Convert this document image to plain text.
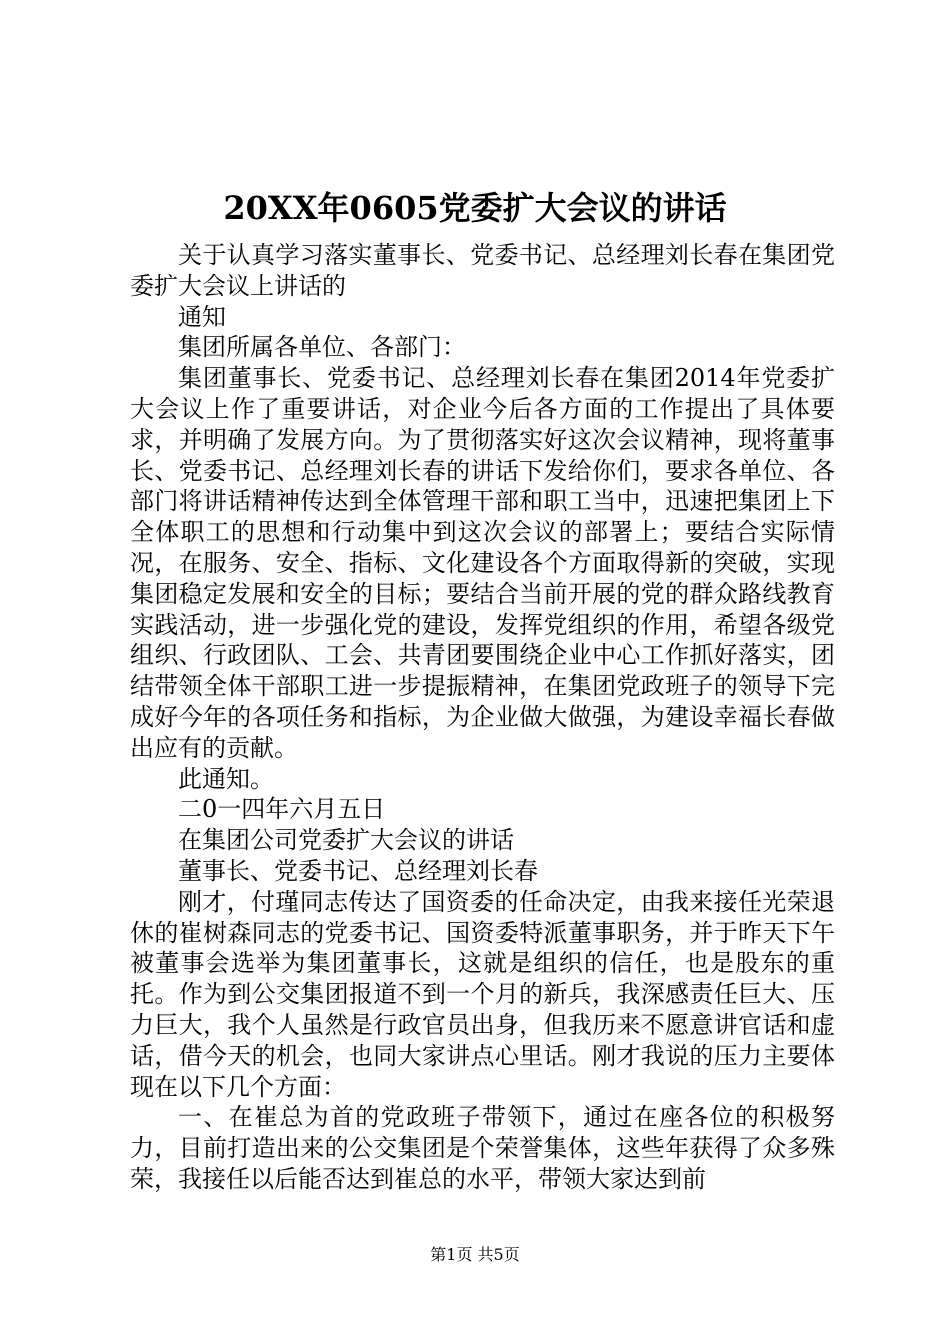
20XX年0605党委扩大会议的讲话

关于认真学习落实董事长、党委书记、总经理刘长春在集团党委扩大会议上讲话的

通知

集团所属各单位、各部门：

集团董事长、党委书记、总经理刘长春在集团2014年党委扩大会议上作了重要讲话，对企业今后各方面的工作提出了具体要求，并明确了发展方向。为了贯彻落实好这次会议精神，现将董事长、党委书记、总经理刘长春的讲话下发给你们，要求各单位、各部门将讲话精神传达到全体管理干部和职工当中，迅速把集团上下全体职工的思想和行动集中到这次会议的部署上；要结合实际情况，在服务、安全、指标、文化建设各个方面取得新的突破，实现集团稳定发展和安全的目标；要结合当前开展的党的群众路线教育实践活动，进一步强化党的建设，发挥党组织的作用，希望各级党组织、行政团队、工会、共青团要围绕企业中心工作抓好落实，团结带领全体干部职工进一步提振精神，在集团党政班子的领导下完成好今年的各项任务和指标，为企业做大做强，为建设幸福长春做出应有的贡献。

此通知。

二0一四年六月五日

在集团公司党委扩大会议的讲话

董事长、党委书记、总经理刘长春

刚才，付瑾同志传达了国资委的任命决定，由我来接任光荣退休的崔树森同志的党委书记、国资委特派董事职务，并于昨天下午被董事会选举为集团董事长，这就是组织的信任，也是股东的重托。作为到公交集团报道不到一个月的新兵，我深感责任巨大、压力巨大，我个人虽然是行政官员出身，但我历来不愿意讲官话和虚话，借今天的机会，也同大家讲点心里话。刚才我说的压力主要体现在以下几个方面：

一、在崔总为首的党政班子带领下，通过在座各位的积极努力，目前打造出来的公交集团是个荣誉集体，这些年获得了众多殊荣，我接任以后能否达到崔总的水平，带领大家达到前

第1页 共5页
